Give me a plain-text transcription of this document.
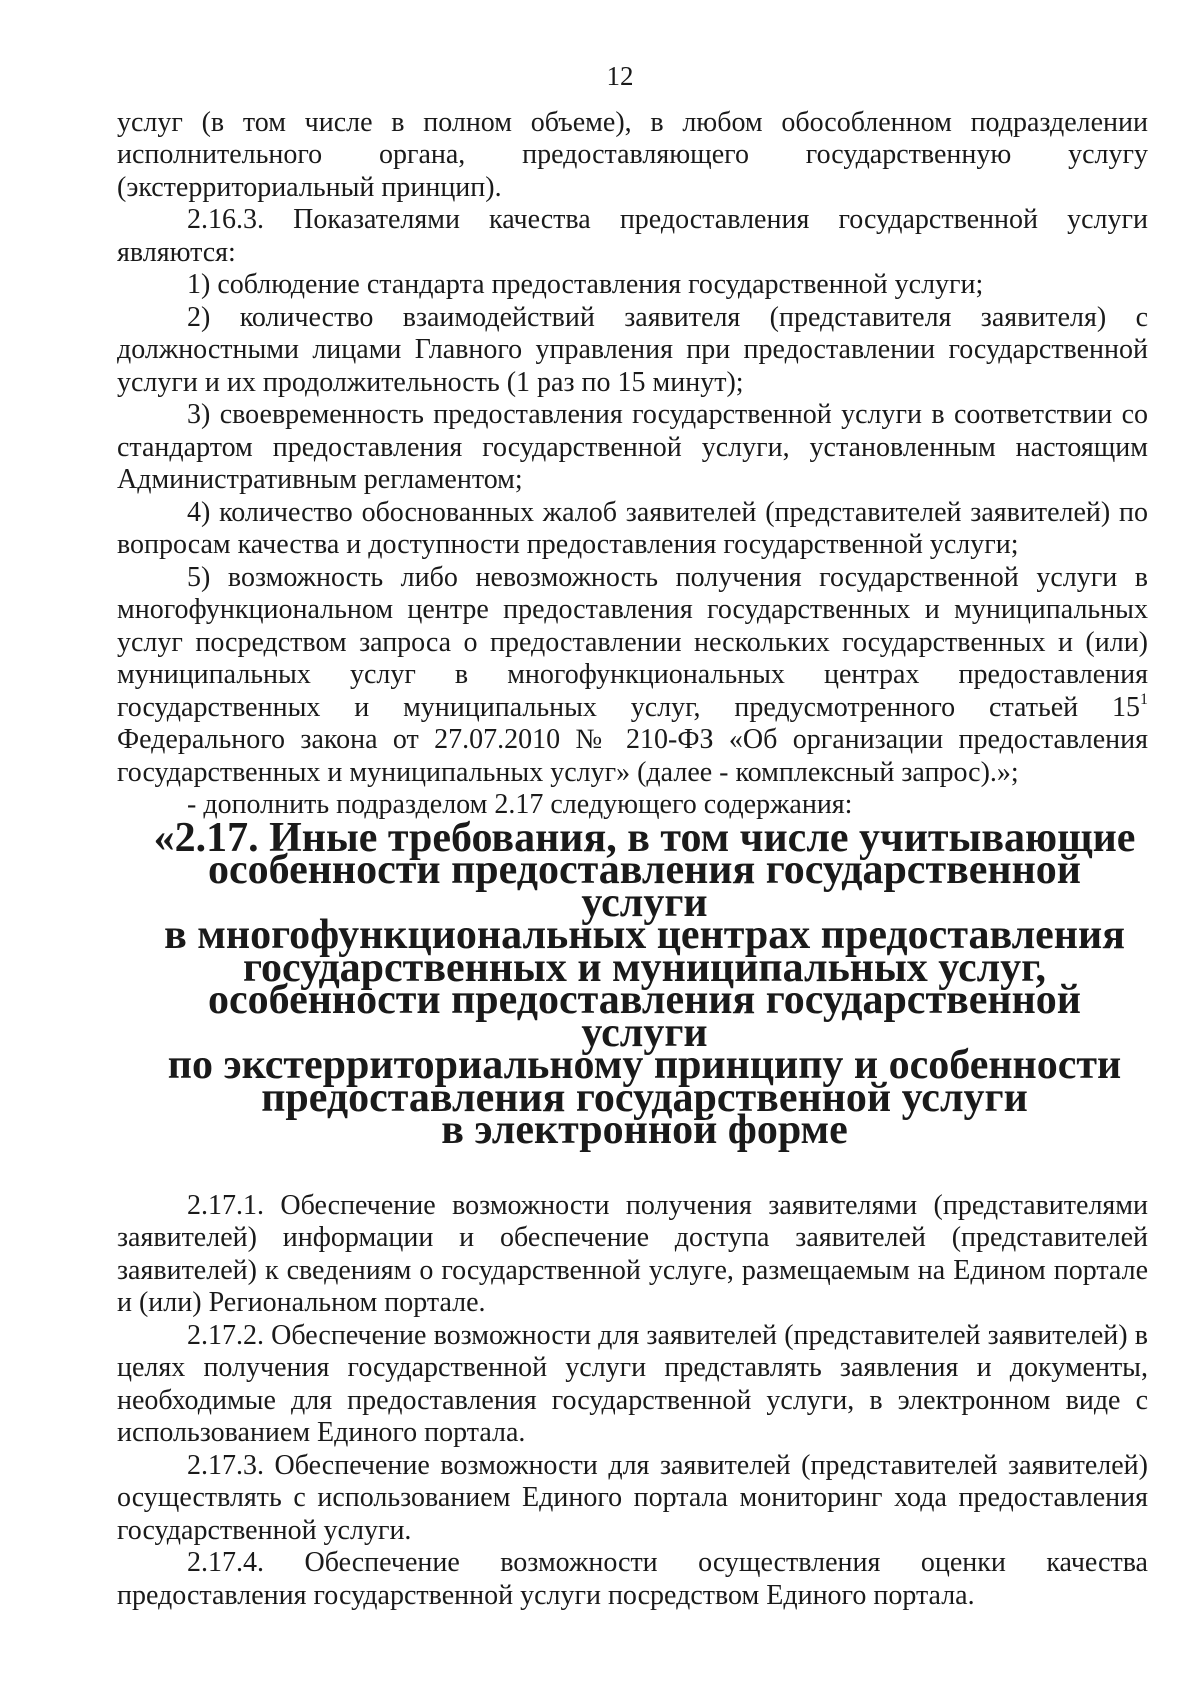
12

услуг (в том числе в полном объеме), в любом обособленном подразделении исполнительного органа, предоставляющего государственную услугу (экстерриториальный принцип).

2.16.3. Показателями качества предоставления государственной услуги являются:

1) соблюдение стандарта предоставления государственной услуги;

2) количество взаимодействий заявителя (представителя заявителя) с должностными лицами Главного управления при предоставлении государственной услуги и их продолжительность (1 раз по 15 минут);

3) своевременность предоставления государственной услуги в соответствии со стандартом предоставления государственной услуги, установленным настоящим Административным регламентом;

4) количество обоснованных жалоб заявителей (представителей заявителей) по вопросам качества и доступности предоставления государственной услуги;

5) возможность либо невозможность получения государственной услуги в многофункциональном центре предоставления государственных и муниципальных услуг посредством запроса о предоставлении нескольких государственных и (или) муниципальных услуг в многофункциональных центрах предоставления государственных и муниципальных услуг, предусмотренного статьей $15^1$ Федерального закона от 27.07.2010 № 210-ФЗ «Об организации предоставления государственных и муниципальных услуг» (далее - комплексный запрос).»;

- дополнить подразделом 2.17 следующего содержания:

«2.17. Иные требования, в том числе учитывающие
особенности предоставления государственной услуги
в многофункциональных центрах предоставления
государственных и муниципальных услуг,
особенности предоставления государственной услуги
по экстерриториальному принципу и особенности
предоставления государственной услуги
в электронной форме

2.17.1. Обеспечение возможности получения заявителями (представителями заявителей) информации и обеспечение доступа заявителей (представителей заявителей) к сведениям о государственной услуге, размещаемым на Едином портале и (или) Региональном портале.

2.17.2. Обеспечение возможности для заявителей (представителей заявителей) в целях получения государственной услуги представлять заявления и документы, необходимые для предоставления государственной услуги, в электронном виде с использованием Единого портала.

2.17.3. Обеспечение возможности для заявителей (представителей заявителей) осуществлять с использованием Единого портала мониторинг хода предоставления государственной услуги.

2.17.4. Обеспечение возможности осуществления оценки качества предоставления государственной услуги посредством Единого портала.
